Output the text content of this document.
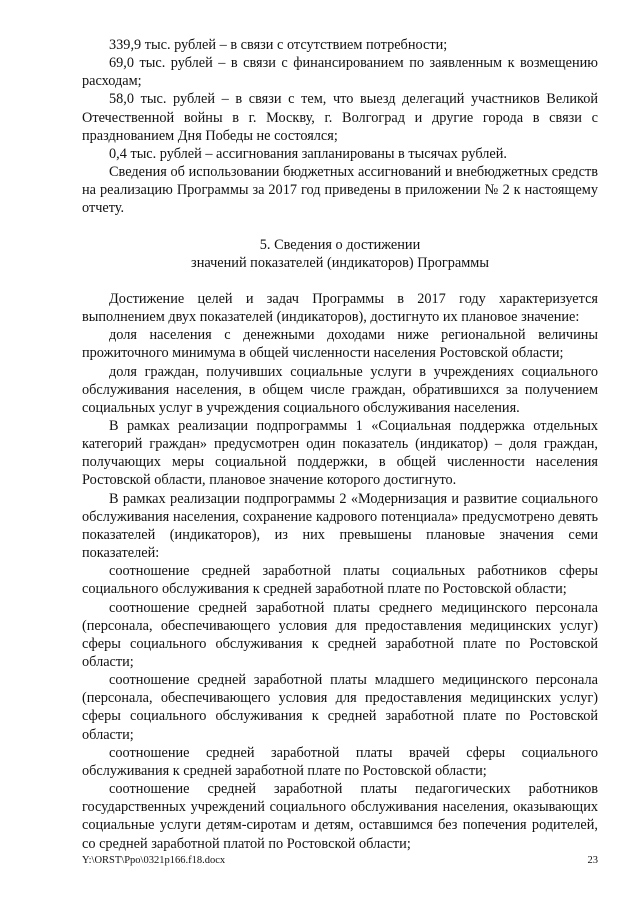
339,9 тыс. рублей – в связи с отсутствием потребности;

69,0 тыс. рублей – в связи с финансированием по заявленным к возмещению расходам;

58,0 тыс. рублей – в связи с тем, что выезд делегаций участников Великой Отечественной войны в г. Москву, г. Волгоград и другие города в связи с празднованием Дня Победы не состоялся;

0,4 тыс. рублей – ассигнования запланированы в тысячах рублей.

Сведения об использовании бюджетных ассигнований и внебюджетных средств на реализацию Программы за 2017 год приведены в приложении № 2 к настоящему отчету.

5. Сведения о достижении
значений показателей (индикаторов) Программы

Достижение целей и задач Программы в 2017 году характеризуется выполнением двух показателей (индикаторов), достигнуто их плановое значение:

доля населения с денежными доходами ниже региональной величины прожиточного минимума в общей численности населения Ростовской области;

доля граждан, получивших социальные услуги в учреждениях социального обслуживания населения, в общем числе граждан, обратившихся за получением социальных услуг в учреждения социального обслуживания населения.

В рамках реализации подпрограммы 1 «Социальная поддержка отдельных категорий граждан» предусмотрен один показатель (индикатор) – доля граждан, получающих меры социальной поддержки, в общей численности населения Ростовской области, плановое значение которого достигнуто.

В рамках реализации подпрограммы 2 «Модернизация и развитие социального обслуживания населения, сохранение кадрового потенциала» предусмотрено девять показателей (индикаторов), из них превышены плановые значения семи показателей:

соотношение средней заработной платы социальных работников сферы социального обслуживания к средней заработной плате по Ростовской области;

соотношение средней заработной платы среднего медицинского персонала (персонала, обеспечивающего условия для предоставления медицинских услуг) сферы социального обслуживания к средней заработной плате по Ростовской области;

соотношение средней заработной платы младшего медицинского персонала (персонала, обеспечивающего условия для предоставления медицинских услуг) сферы социального обслуживания к средней заработной плате по Ростовской области;

соотношение средней заработной платы врачей сферы социального обслуживания к средней заработной плате по Ростовской области;

соотношение средней заработной платы педагогических работников государственных учреждений социального обслуживания населения, оказывающих социальные услуги детям-сиротам и детям, оставшимся без попечения родителей, со средней заработной платой по Ростовской области;

Y:\ORST\Ppo\0321p166.f18.docx	23
